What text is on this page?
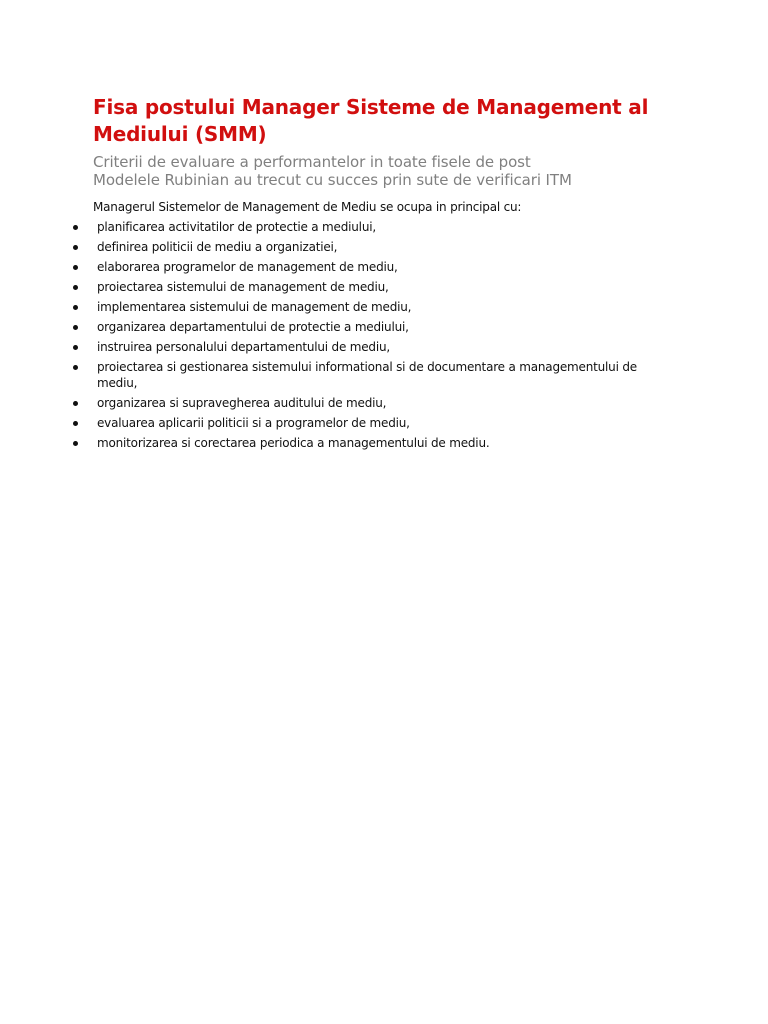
Fisa postului Manager Sisteme de Management al Mediului (SMM)
Criterii de evaluare a performantelor in toate fisele de post
Modelele Rubinian au trecut cu succes prin sute de verificari ITM

Managerul Sistemelor de Management de Mediu se ocupa in principal cu:

planificarea activitatilor de protectie a mediului,
definirea politicii de mediu a organizatiei,
elaborarea programelor de management de mediu,
proiectarea sistemului de management de mediu,
implementarea sistemului de management de mediu,
organizarea departamentului de protectie a mediului,
instruirea personalului departamentului de mediu,
proiectarea si gestionarea sistemului informational si de documentare a managementului de mediu,
organizarea si supravegherea auditului de mediu,
evaluarea aplicarii politicii si a programelor de mediu,
monitorizarea si corectarea periodica a managementului de mediu.
